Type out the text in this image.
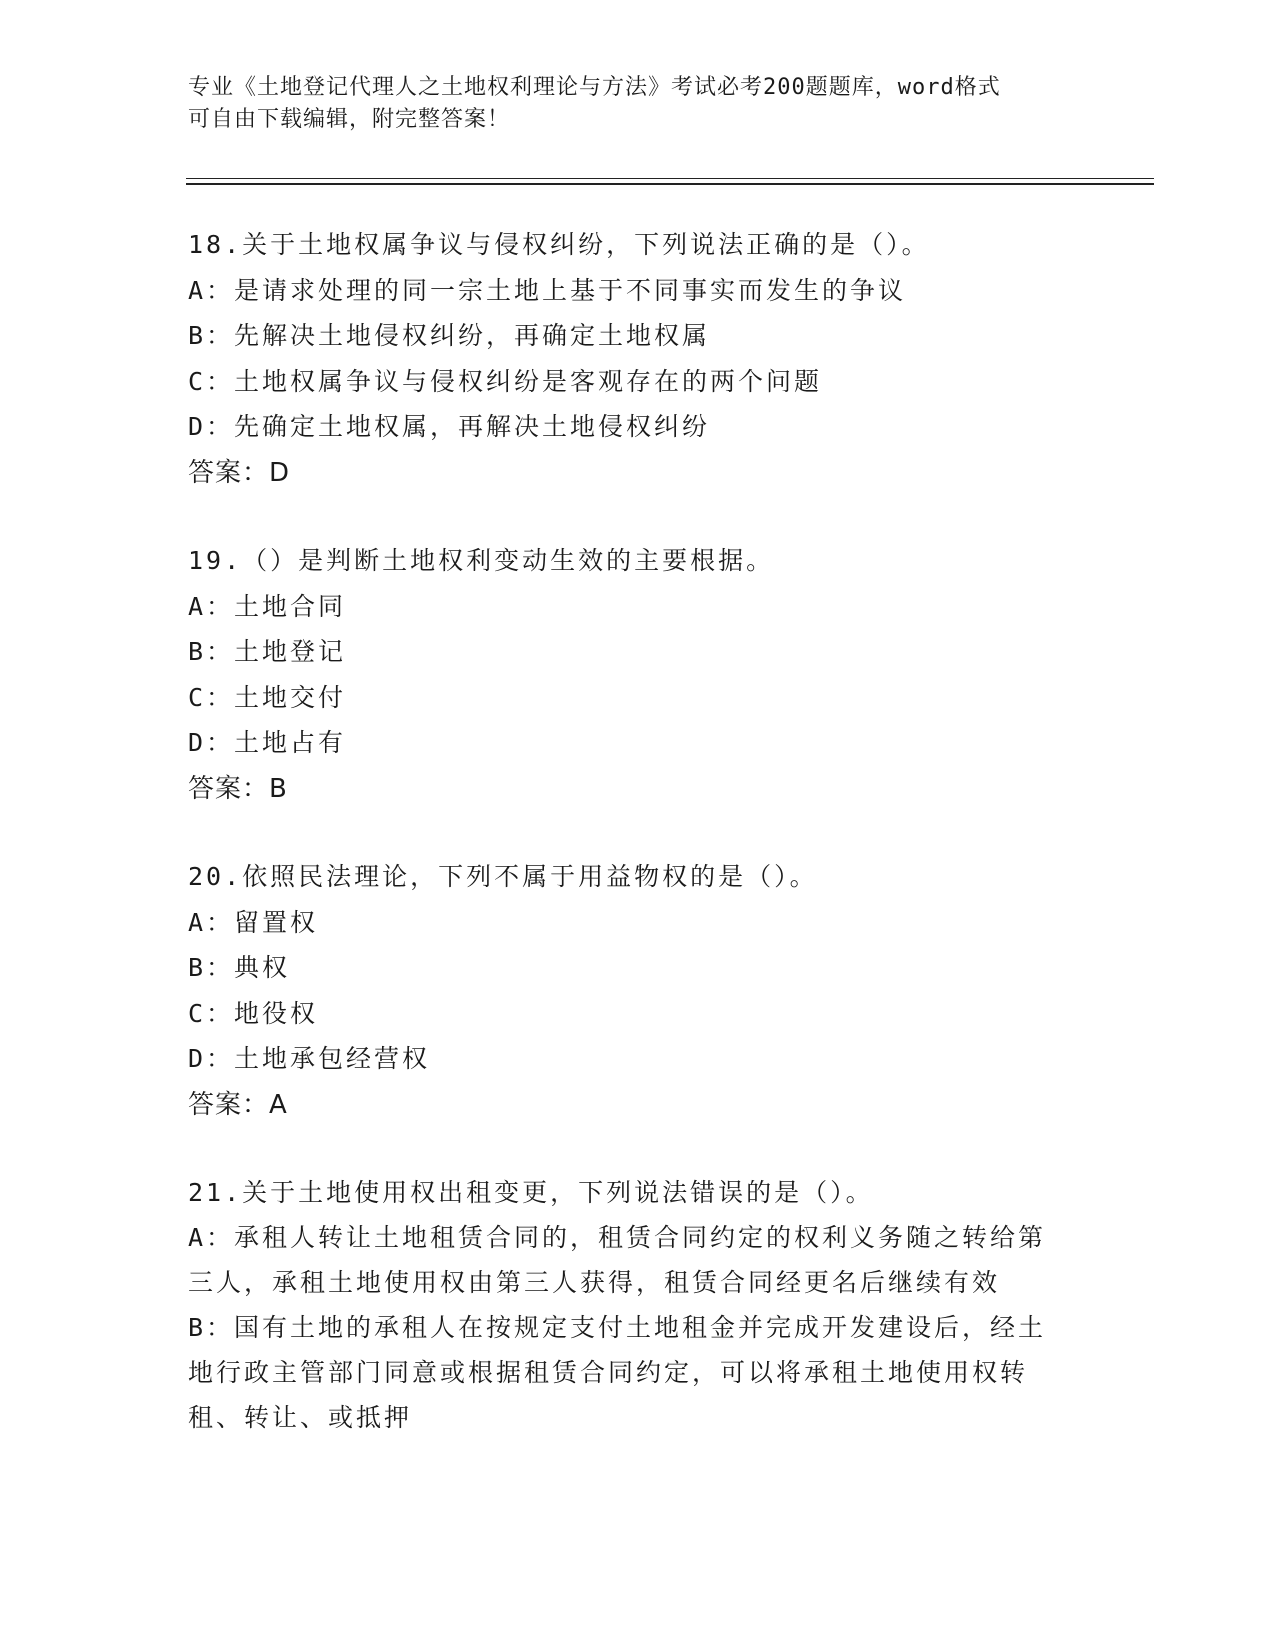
专业《土地登记代理人之土地权利理论与方法》考试必考200题题库，word格式
可自由下载编辑，附完整答案！
18.关于土地权属争议与侵权纠纷，下列说法正确的是（）。
A：是请求处理的同一宗土地上基于不同事实而发生的争议
B：先解决土地侵权纠纷，再确定土地权属
C：土地权属争议与侵权纠纷是客观存在的两个问题
D：先确定土地权属，再解决土地侵权纠纷
答案：D
19.（）是判断土地权利变动生效的主要根据。
A：土地合同
B：土地登记
C：土地交付
D：土地占有
答案：B
20.依照民法理论，下列不属于用益物权的是（）。
A：留置权
B：典权
C：地役权
D：土地承包经营权
答案：A
21.关于土地使用权出租变更，下列说法错误的是（）。
A：承租人转让土地租赁合同的，租赁合同约定的权利义务随之转给第
三人，承租土地使用权由第三人获得，租赁合同经更名后继续有效
B：国有土地的承租人在按规定支付土地租金并完成开发建设后，经土
地行政主管部门同意或根据租赁合同约定，可以将承租土地使用权转
租、转让、或抵押
